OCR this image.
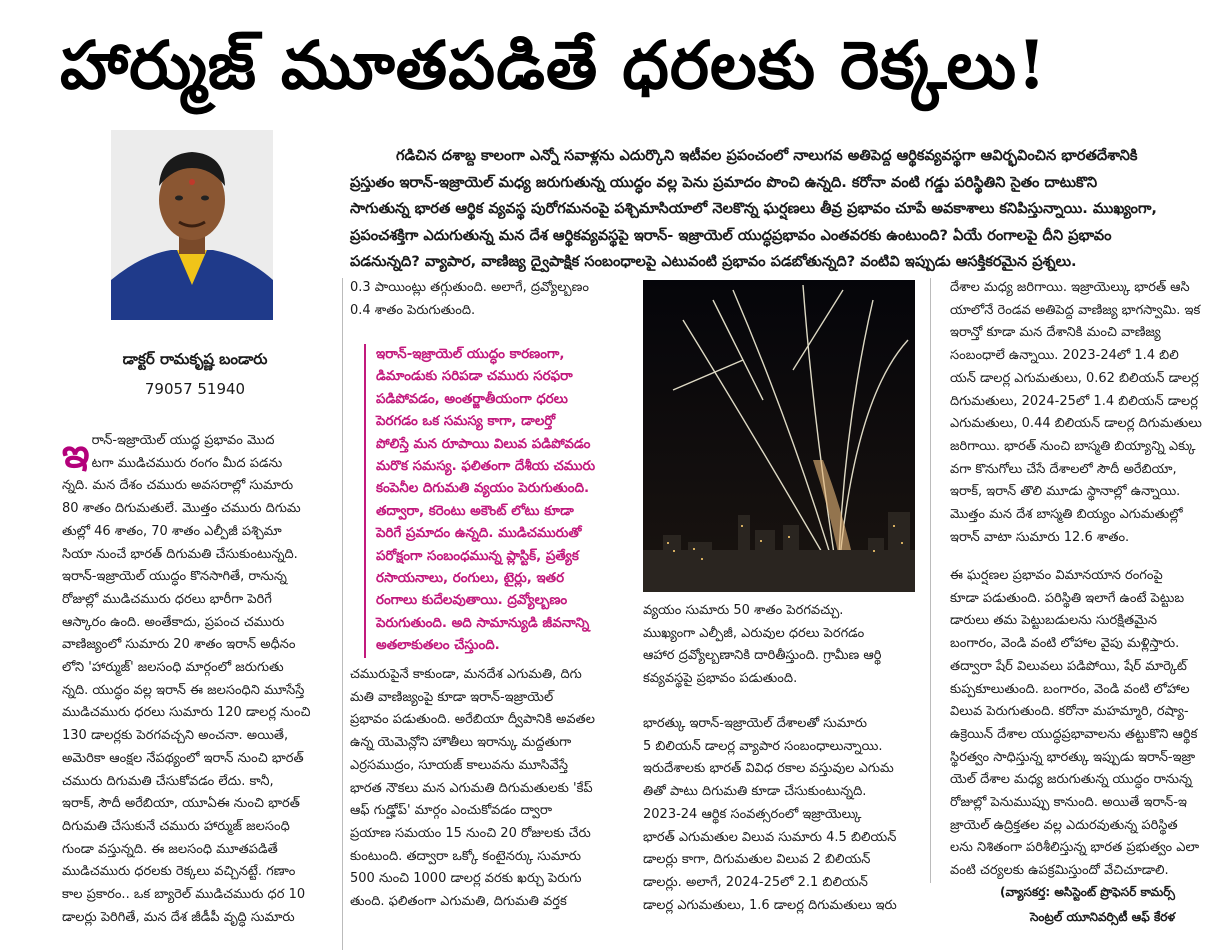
హార్ముజ్ మూతపడితే ధరలకు రెక్కలు!
డాక్టర్ రామకృష్ణ బండారు
79057 51940

గడిచిన దశాబ్ద కాలంగా ఎన్నో సవాళ్లను ఎదుర్కొని ఇటీవల ప్రపంచంలో నాలుగవ అతిపెద్ద ఆర్థికవ్యవస్థగా ఆవిర్భవించిన భారతదేశానికి

ప్రస్తుతం ఇరాన్-ఇజ్రాయెల్ మధ్య జరుగుతున్న యుద్ధం వల్ల పెను ప్రమాదం పొంచి ఉన్నది. కరోనా వంటి గడ్డు పరిస్థితిని సైతం దాటుకొని

సాగుతున్న భారత ఆర్థిక వ్యవస్థ పురోగమనంపై పశ్చిమాసియాలో నెలకొన్న ఘర్షణలు తీవ్ర ప్రభావం చూపే అవకాశాలు కనిపిస్తున్నాయి. ముఖ్యంగా,

ప్రపంచశక్తిగా ఎదుగుతున్న మన దేశ ఆర్థికవ్యవస్థపై ఇరాన్- ఇజ్రాయెల్ యుద్ధప్రభావం ఎంతవరకు ఉంటుంది? ఏయే రంగాలపై దీని ప్రభావం

పడనున్నది? వ్యాపార, వాణిజ్య ద్వైపాక్షిక సంబంధాలపై ఎటువంటి ప్రభావం పడబోతున్నది? వంటివి ఇప్పుడు ఆసక్తికరమైన ప్రశ్నలు.

ఇ రాన్-ఇజ్రాయెల్ యుద్ధ ప్రభావం మొద

టగా ముడిచమురు రంగం మీద పడను

న్నది. మన దేశం చమురు అవసరాల్లో సుమారు

80 శాతం దిగుమతులే. మొత్తం చమురు దిగుమ

తుల్లో 46 శాతం, 70 శాతం ఎల్పీజీ పశ్చిమా

సియా నుంచే భారత్ దిగుమతి చేసుకుంటున్నది.

ఇరాన్-ఇజ్రాయెల్ యుద్ధం కొనసాగితే, రానున్న

రోజుల్లో ముడిచమురు ధరలు భారీగా పెరిగే

ఆస్కారం ఉంది. అంతేకాదు, ప్రపంచ చమురు

వాణిజ్యంలో సుమారు 20 శాతం ఇరాన్ అధీనం

లోని 'హార్ముజ్' జలసంధి మార్గంలో జరుగుతు

న్నది. యుద్ధం వల్ల ఇరాన్ ఈ జలసంధిని మూసేస్తే

ముడిచమురు ధరలు సుమారు 120 డాలర్ల నుంచి

130 డాలర్లకు పెరగవచ్చని అంచనా. అయితే,

అమెరికా ఆంక్షల నేపథ్యంలో ఇరాన్ నుంచి భారత్

చమురు దిగుమతి చేసుకోవడం లేదు. కానీ,

ఇరాక్, సౌదీ అరేబియా, యూఏఈ నుంచి భారత్

దిగుమతి చేసుకునే చమురు హార్ముజ్ జలసంధి

గుండా వస్తున్నది. ఈ జలసంధి మూతపడితే

ముడిచమురు ధరలకు రెక్కలు వచ్చినట్టే. గణాం

కాల ప్రకారం.. ఒక బ్యారెల్ ముడిచమురు ధర 10

డాలర్లు పెరిగితే, మన దేశ జీడీపీ వృద్ధి సుమారు

0.3 పాయింట్లు తగ్గుతుంది. అలాగే, ద్రవ్యోల్బణం

0.4 శాతం పెరుగుతుంది.

ఇరాన్-ఇజ్రాయెల్ యుద్ధం కారణంగా,

డిమాండుకు సరిపడా చమురు సరఫరా

పడిపోవడం, అంతర్జాతీయంగా ధరలు

పెరగడం ఒక సమస్య కాగా, డాలర్తో

పోలిస్తే మన రూపాయి విలువ పడిపోవడం

మరొక సమస్య. ఫలితంగా దేశీయ చమురు

కంపెనీల దిగుమతి వ్యయం పెరుగుతుంది.

తద్వారా, కరెంటు అకౌంట్ లోటు కూడా

పెరిగే ప్రమాదం ఉన్నది. ముడిచమురుతో

పరోక్షంగా సంబంధమున్న ప్లాస్టిక్, ప్రత్యేక

రసాయనాలు, రంగులు, టైర్లు, ఇతర

రంగాలు కుదేలవుతాయి. ద్రవ్యోల్బణం

పెరుగుతుంది. అది సామాన్యుడి జీవనాన్ని

అతలాకుతలం చేస్తుంది.

చమురుపైనే కాకుండా, మనదేశ ఎగుమతి, దిగు

మతి వాణిజ్యంపై కూడా ఇరాన్-ఇజ్రాయెల్

ప్రభావం పడుతుంది. అరేబియా ద్వీపానికి అవతల

ఉన్న యెమెన్లోని హౌతీలు ఇరాన్కు మద్దతుగా

ఎర్రసముద్రం, సూయజ్ కాలువను మూసివేస్తే

భారత నౌకలు మన ఎగుమతి దిగుమతులకు 'కేప్

ఆఫ్ గుడ్హోప్' మార్గం ఎంచుకోవడం ద్వారా

ప్రయాణ సమయం 15 నుంచి 20 రోజులకు చేరు

కుంటుంది. తద్వారా ఒక్కో కంటైనర్కు సుమారు

500 నుంచి 1000 డాలర్ల వరకు ఖర్చు పెరుగు

తుంది. ఫలితంగా ఎగుమతి, దిగుమతి వర్తక

వ్యయం సుమారు 50 శాతం పెరగవచ్చు.

ముఖ్యంగా ఎల్పీజీ, ఎరువుల ధరలు పెరగడం

ఆహార ద్రవ్యోల్బణానికి దారితీస్తుంది. గ్రామీణ ఆర్థి

కవ్యవస్థపై ప్రభావం పడుతుంది.

భారత్కు ఇరాన్-ఇజ్రాయెల్ దేశాలతో సుమారు

5 బిలియన్ డాలర్ల వ్యాపార సంబంధాలున్నాయి.

ఇరుదేశాలకు భారత్ వివిధ రకాల వస్తువుల ఎగుమ

తితో పాటు దిగుమతి కూడా చేసుకుంటున్నది.

2023-24 ఆర్థిక సంవత్సరంలో ఇజ్రాయెల్కు

భారత్ ఎగుమతుల విలువ సుమారు 4.5 బిలియన్

డాలర్లు కాగా, దిగుమతుల విలువ 2 బిలియన్

డాలర్లు. అలాగే, 2024-25లో 2.1 బిలియన్

డాలర్ల ఎగుమతులు, 1.6 డాలర్ల దిగుమతులు ఇరు

దేశాల మధ్య జరిగాయి. ఇజ్రాయెల్కు భారత్ ఆసి

యాలోనే రెండవ అతిపెద్ద వాణిజ్య భాగస్వామి. ఇక

ఇరాన్తో కూడా మన దేశానికి మంచి వాణిజ్య

సంబంధాలే ఉన్నాయి. 2023-24లో 1.4 బిలి

యన్ డాలర్ల ఎగుమతులు, 0.62 బిలియన్ డాలర్ల

దిగుమతులు, 2024-25లో 1.4 బిలియన్ డాలర్ల

ఎగుమతులు, 0.44 బిలియన్ డాలర్ల దిగుమతులు

జరిగాయి. భారత్ నుంచి బాస్మతి బియ్యాన్ని ఎక్కు

వగా కొనుగోలు చేసే దేశాలలో సౌదీ అరేబియా,

ఇరాక్, ఇరాన్ తొలి మూడు స్థానాల్లో ఉన్నాయి.

మొత్తం మన దేశ బాస్మతి బియ్యం ఎగుమతుల్లో

ఇరాన్ వాటా సుమారు 12.6 శాతం.

ఈ ఘర్షణల ప్రభావం విమానయాన రంగంపై

కూడా పడుతుంది. పరిస్థితి ఇలాగే ఉంటే పెట్టుబ

డారులు తమ పెట్టుబడులను సురక్షితమైన

బంగారం, వెండి వంటి లోహాల వైపు మళ్లిస్తారు.

తద్వారా షేర్ విలువలు పడిపోయి, షేర్ మార్కెట్

కుప్పకూలుతుంది. బంగారం, వెండి వంటి లోహాల

విలువ పెరుగుతుంది. కరోనా మహమ్మారి, రష్యా-

ఉక్రెయిన్ దేశాల యుద్ధప్రభావాలను తట్టుకొని ఆర్థిక

స్థిరత్వం సాధిస్తున్న భారత్కు ఇప్పుడు ఇరాన్-ఇజ్రా

యెల్ దేశాల మధ్య జరుగుతున్న యుద్ధం రానున్న

రోజుల్లో పెనుముప్పు కానుంది. అయితే ఇరాన్-ఇ

జ్రాయెల్ ఉద్రిక్తతల వల్ల ఎదురవుతున్న పరిస్థిత

లను నిశితంగా పరిశీలిస్తున్న భారత ప్రభుత్వం ఎలా

వంటి చర్యలకు ఉపక్రమిస్తుందో వేచిచూడాలి.

(వ్యాసకర్త: అసిస్టెంట్ ప్రొఫెసర్ కామర్స్
సెంట్రల్ యూనివర్సిటీ ఆఫ్ కేరళ
